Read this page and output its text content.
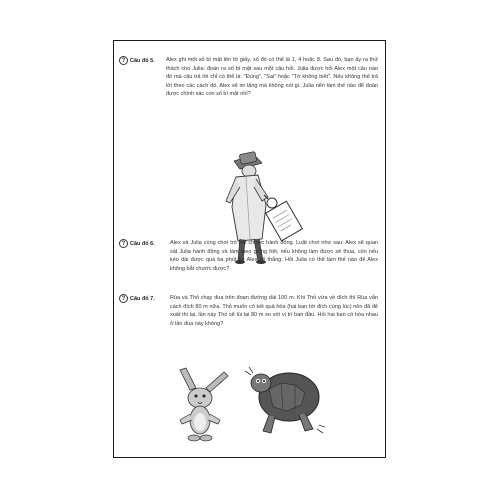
? Câu đố 5. Alex ghi một số bí mật lên tờ giấy, số đó có thể là 1, 4 hoặc 8. Sau đó, bạn ấy ra thử thách cho Julia: đoán ra số bí mật sau một câu hỏi. Julia được hỏi Alex một câu nào đó mà câu trả lời chỉ có thể là: "Đúng", "Sai" hoặc "Tớ không biết". Nếu không thể trả lời theo các cách đó, Alex sẽ im lặng mà không nói gì. Julia nên làm thế nào để đoán được chính xác con số bí mật nhỉ?
? Câu đố 6.	Alex và Julia cùng chơi trò bắt chước hành động. Luật chơi như sau: Alex sẽ quan sát Julia hành động và làm theo giống hệt, nếu không làm được sẽ thua, còn nếu kéo dài được quá ba phút thì Alex sẽ thắng. Hỏi Julia có thể làm thế nào để Alex không bắt chước được?
? Câu đố 7.	Rùa và Thỏ chạy đua trên đoạn đường dài 100 m. Khi Thỏ vừa về đích thì Rùa vẫn cách đích 80 m nữa. Thỏ muốn có kết quả hòa (hai bạn tới đích cùng lúc) nên đã để xuất thi lại, lần này Thỏ sẽ lùi lại 80 m so với vị trí ban đầu. Hỏi hai bạn có hòa nhau ở lần đua này không?
